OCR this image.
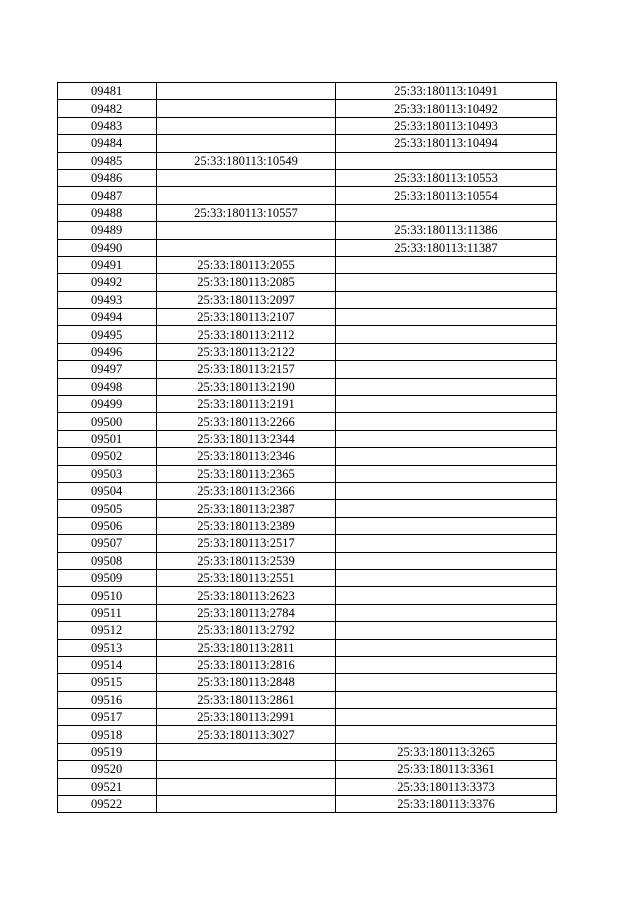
09481		25:33:180113:10491
09482		25:33:180113:10492
09483		25:33:180113:10493
09484		25:33:180113:10494
09485	25:33:180113:10549	
09486		25:33:180113:10553
09487		25:33:180113:10554
09488	25:33:180113:10557	
09489		25:33:180113:11386
09490		25:33:180113:11387
09491	25:33:180113:2055	
09492	25:33:180113:2085	
09493	25:33:180113:2097	
09494	25:33:180113:2107	
09495	25:33:180113:2112	
09496	25:33:180113:2122	
09497	25:33:180113:2157	
09498	25:33:180113:2190	
09499	25:33:180113:2191	
09500	25:33:180113:2266	
09501	25:33:180113:2344	
09502	25:33:180113:2346	
09503	25:33:180113:2365	
09504	25:33:180113:2366	
09505	25:33:180113:2387	
09506	25:33:180113:2389	
09507	25:33:180113:2517	
09508	25:33:180113:2539	
09509	25:33:180113:2551	
09510	25:33:180113:2623	
09511	25:33:180113:2784	
09512	25:33:180113:2792	
09513	25:33:180113:2811	
09514	25:33:180113:2816	
09515	25:33:180113:2848	
09516	25:33:180113:2861	
09517	25:33:180113:2991	
09518	25:33:180113:3027	
09519		25:33:180113:3265
09520		25:33:180113:3361
09521		25:33:180113:3373
09522		25:33:180113:3376
